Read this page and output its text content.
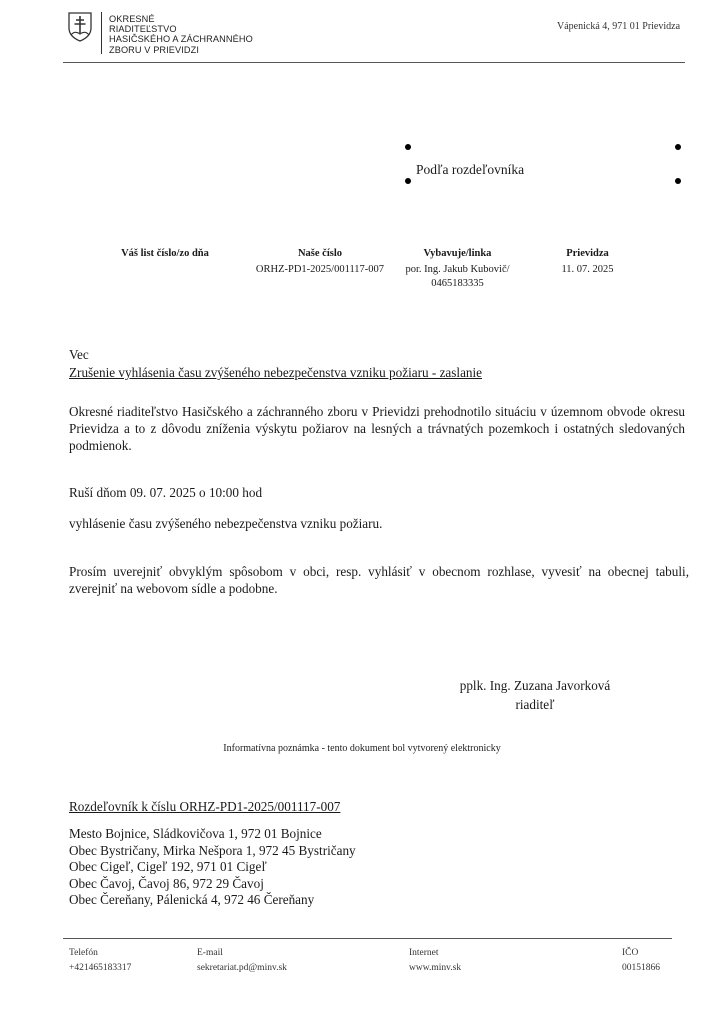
OKRESNÉ
RIADITEĽSTVO
HASIČSKÉHO A ZÁCHRANNÉHO
ZBORU V PRIEVIDZI
Vápenická 4, 971 01 Prievidza
Podľa rozdeľovníka
Váš list číslo/zo dňa	Naše číslo
ORHZ-PD1-2025/001117-007
Vybavuje/linka
por. Ing. Jakub Kubovič/
0465183335
Prievidza
11. 07. 2025
Vec
Zrušenie vyhlásenia času zvýšeného nebezpečenstva vzniku požiaru - zaslanie
Okresné riaditeľstvo Hasičského a záchranného zboru v Prievidzi prehodnotilo situáciu v územnom obvode okresu Prievidza a to z dôvodu zníženia výskytu požiarov na lesných a trávnatých pozemkoch i ostatných sledovaných podmienok.
Ruší dňom 09. 07. 2025 o 10:00 hod
vyhlásenie času zvýšeného nebezpečenstva vzniku požiaru.
Prosím uverejniť obvyklým spôsobom v obci, resp. vyhlásiť v obecnom rozhlase, vyvesiť na obecnej tabuli, zverejniť na webovom sídle a podobne.
pplk. Ing. Zuzana Javorková
riaditeľ
Informatívna poznámka - tento dokument bol vytvorený elektronicky
Rozdeľovník k číslu ORHZ-PD1-2025/001117-007
Mesto Bojnice, Sládkovičova 1, 972 01 Bojnice
Obec Bystričany, Mirka Nešpora 1, 972 45 Bystričany
Obec Cigeľ, Cigeľ 192, 971 01 Cigeľ
Obec Čavoj, Čavoj 86, 972 29 Čavoj
Obec Čereňany, Pálenická 4, 972 46 Čereňany
Telefón
+421465183317
E-mail
sekretariat.pd@minv.sk
Internet
www.minv.sk
IČO
00151866
